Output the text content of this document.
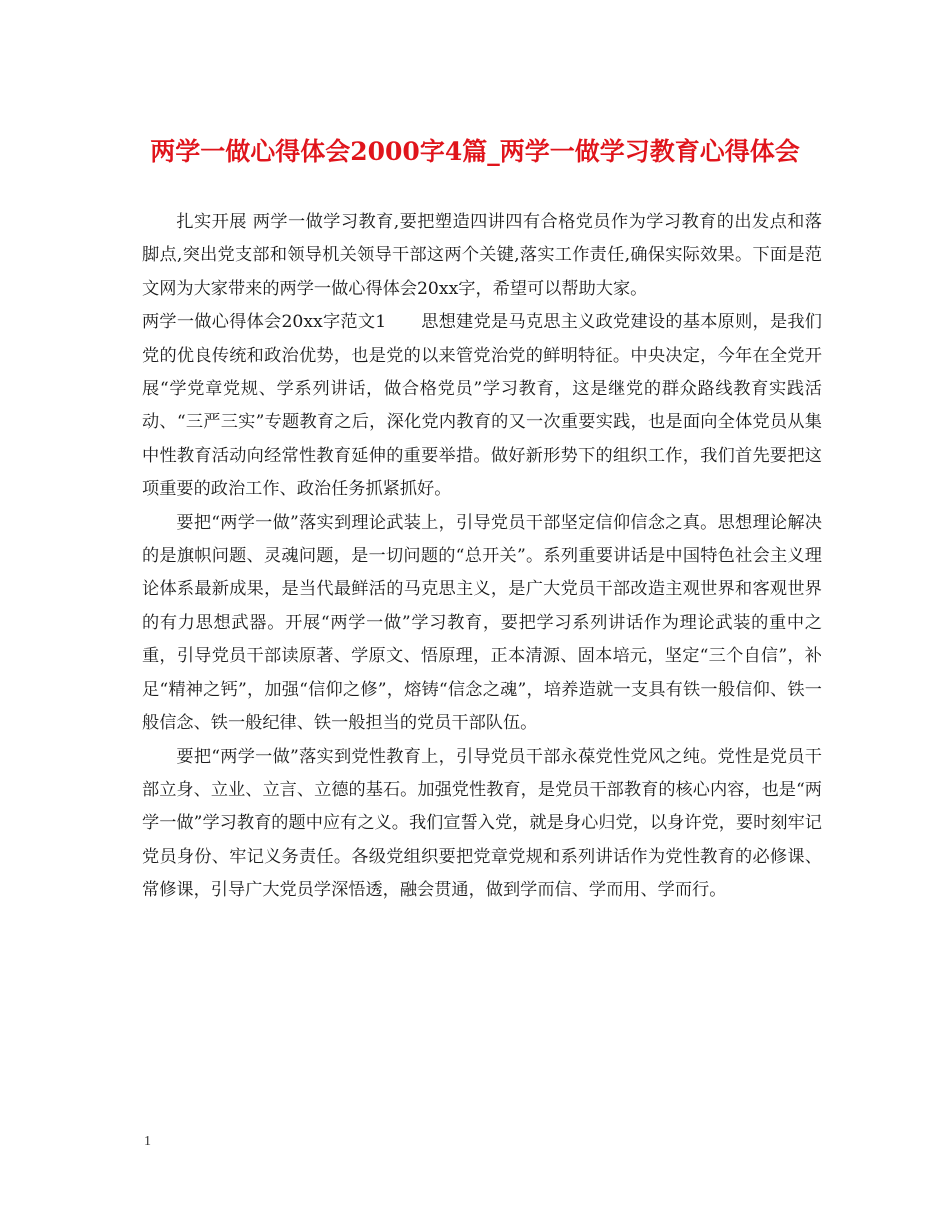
两学一做心得体会2000字4篇_两学一做学习教育心得体会

扎实开展 两学一做学习教育,要把塑造四讲四有合格党员作为学习教育的出发点和落脚点,突出党支部和领导机关领导干部这两个关键,落实工作责任,确保实际效果。下面是范文网为大家带来的两学一做心得体会20xx字，希望可以帮助大家。

两学一做心得体会20xx字范文1　　思想建党是马克思主义政党建设的基本原则，是我们党的优良传统和政治优势，也是党的以来管党治党的鲜明特征。中央决定，今年在全党开展“学党章党规、学系列讲话，做合格党员”学习教育，这是继党的群众路线教育实践活动、“三严三实”专题教育之后，深化党内教育的又一次重要实践，也是面向全体党员从集中性教育活动向经常性教育延伸的重要举措。做好新形势下的组织工作，我们首先要把这项重要的政治工作、政治任务抓紧抓好。

要把“两学一做”落实到理论武装上，引导党员干部坚定信仰信念之真。思想理论解决的是旗帜问题、灵魂问题，是一切问题的“总开关”。系列重要讲话是中国特色社会主义理论体系最新成果，是当代最鲜活的马克思主义，是广大党员干部改造主观世界和客观世界的有力思想武器。开展“两学一做”学习教育，要把学习系列讲话作为理论武装的重中之重，引导党员干部读原著、学原文、悟原理，正本清源、固本培元，坚定“三个自信”，补足“精神之钙”，加强“信仰之修”，熔铸“信念之魂”，培养造就一支具有铁一般信仰、铁一般信念、铁一般纪律、铁一般担当的党员干部队伍。

要把“两学一做”落实到党性教育上，引导党员干部永葆党性党风之纯。党性是党员干部立身、立业、立言、立德的基石。加强党性教育，是党员干部教育的核心内容，也是“两学一做”学习教育的题中应有之义。我们宣誓入党，就是身心归党，以身许党，要时刻牢记党员身份、牢记义务责任。各级党组织要把党章党规和系列讲话作为党性教育的必修课、常修课，引导广大党员学深悟透，融会贯通，做到学而信、学而用、学而行。

1
